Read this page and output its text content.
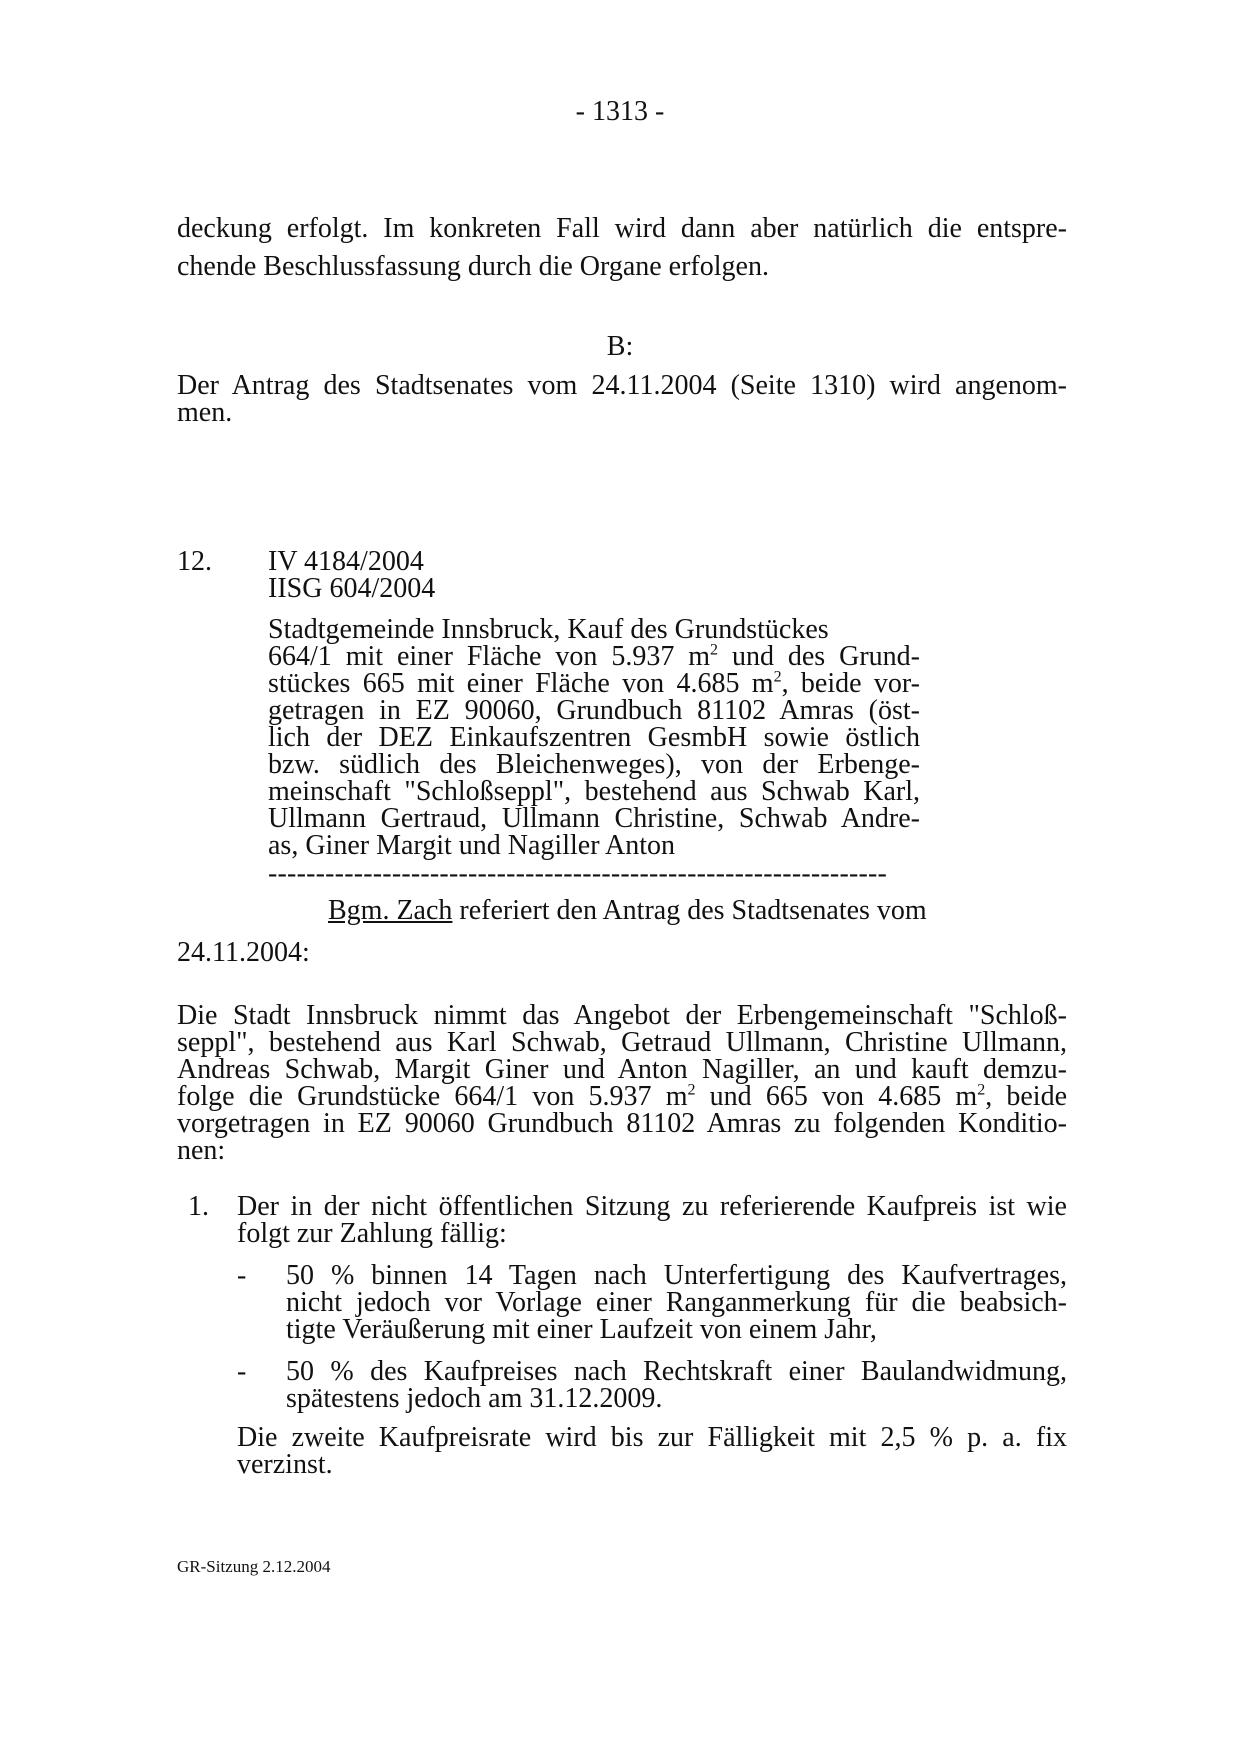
- 1313 -
deckung erfolgt. Im konkreten Fall wird dann aber natürlich die entspre-
chende Beschlussfassung durch die Organe erfolgen.
B:
Der Antrag des Stadtsenates vom 24.11.2004 (Seite 1310) wird angenom-
men.
12. IV 4184/2004
IISG 604/2004
Stadtgemeinde Innsbruck, Kauf des Grundstückes
664/1 mit einer Fläche von 5.937 $m^2$ und des Grund-
stückes 665 mit einer Fläche von 4.685 $m^2$, beide vor-
getragen in EZ 90060, Grundbuch 81102 Amras (öst-
lich der DEZ Einkaufszentren GesmbH sowie östlich
bzw. südlich des Bleichenweges), von der Erbenge-
meinschaft "Schloßseppl", bestehend aus Schwab Karl,
Ullmann Gertraud, Ullmann Christine, Schwab Andre-
as, Giner Margit und Nagiller Anton
-----------------------------------------------------------------
Bgm. Zach referiert den Antrag des Stadtsenates vom
24.11.2004:
Die Stadt Innsbruck nimmt das Angebot der Erbengemeinschaft "Schloß-
seppl", bestehend aus Karl Schwab, Getraud Ullmann, Christine Ullmann,
Andreas Schwab, Margit Giner und Anton Nagiller, an und kauft demzu-
folge die Grundstücke 664/1 von 5.937 $m^2$ und 665 von 4.685 $m^2$, beide
vorgetragen in EZ 90060 Grundbuch 81102 Amras zu folgenden Konditio-
nen:
1. Der in der nicht öffentlichen Sitzung zu referierende Kaufpreis ist wie
folgt zur Zahlung fällig:
- 50 % binnen 14 Tagen nach Unterfertigung des Kaufvertrages,
nicht jedoch vor Vorlage einer Ranganmerkung für die beabsich-
tigte Veräußerung mit einer Laufzeit von einem Jahr,
- 50 % des Kaufpreises nach Rechtskraft einer Baulandwidmung,
spätestens jedoch am 31.12.2009.
Die zweite Kaufpreisrate wird bis zur Fälligkeit mit 2,5 % p. a. fix
verzinst.
GR-Sitzung 2.12.2004
